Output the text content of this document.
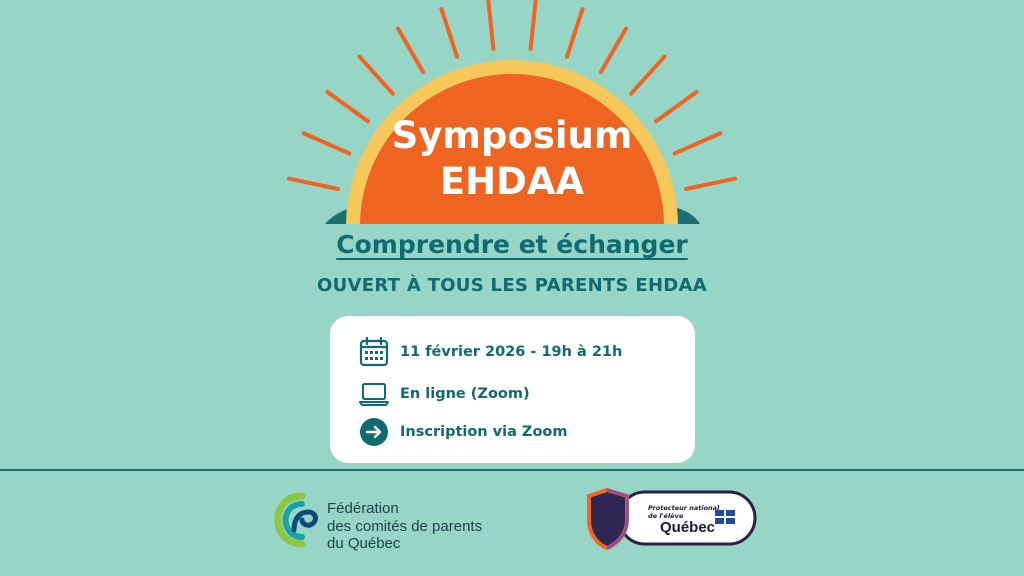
Symposium
EHDAA
Comprendre et échanger
OUVERT À TOUS LES PARENTS EHDAA
11 février 2026 - 19h à 21h
En ligne (Zoom)
Inscription via Zoom
Fédération
des comités de parents
du Québec
Protecteur national
de l'élève
Québec
